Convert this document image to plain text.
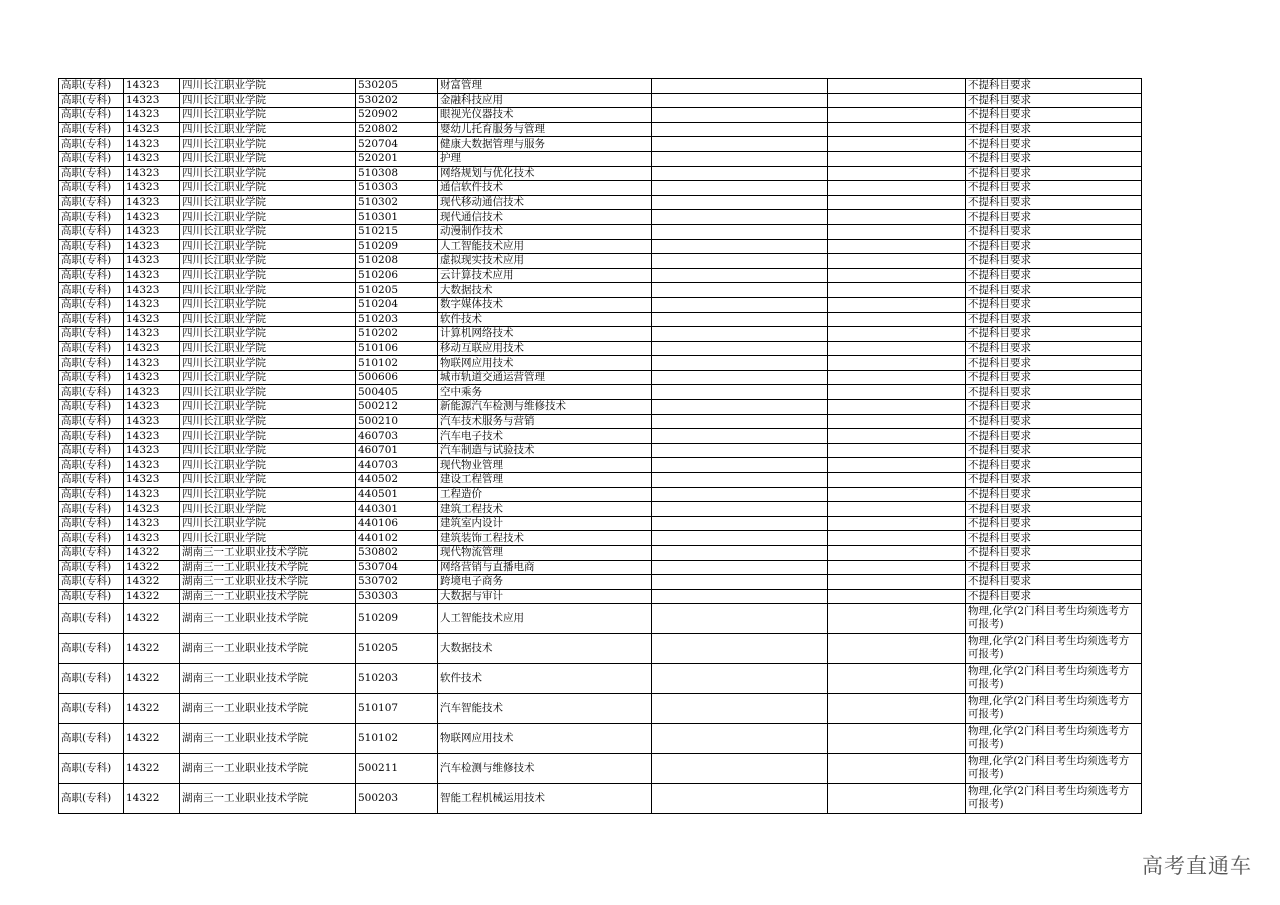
高职(专科)	14323	四川长江职业学院	530205	财富管理			不提科目要求
高职(专科)	14323	四川长江职业学院	530202	金融科技应用			不提科目要求
高职(专科)	14323	四川长江职业学院	520902	眼视光仪器技术			不提科目要求
高职(专科)	14323	四川长江职业学院	520802	婴幼儿托育服务与管理			不提科目要求
高职(专科)	14323	四川长江职业学院	520704	健康大数据管理与服务			不提科目要求
高职(专科)	14323	四川长江职业学院	520201	护理			不提科目要求
高职(专科)	14323	四川长江职业学院	510308	网络规划与优化技术			不提科目要求
高职(专科)	14323	四川长江职业学院	510303	通信软件技术			不提科目要求
高职(专科)	14323	四川长江职业学院	510302	现代移动通信技术			不提科目要求
高职(专科)	14323	四川长江职业学院	510301	现代通信技术			不提科目要求
高职(专科)	14323	四川长江职业学院	510215	动漫制作技术			不提科目要求
高职(专科)	14323	四川长江职业学院	510209	人工智能技术应用			不提科目要求
高职(专科)	14323	四川长江职业学院	510208	虚拟现实技术应用			不提科目要求
高职(专科)	14323	四川长江职业学院	510206	云计算技术应用			不提科目要求
高职(专科)	14323	四川长江职业学院	510205	大数据技术			不提科目要求
高职(专科)	14323	四川长江职业学院	510204	数字媒体技术			不提科目要求
高职(专科)	14323	四川长江职业学院	510203	软件技术			不提科目要求
高职(专科)	14323	四川长江职业学院	510202	计算机网络技术			不提科目要求
高职(专科)	14323	四川长江职业学院	510106	移动互联应用技术			不提科目要求
高职(专科)	14323	四川长江职业学院	510102	物联网应用技术			不提科目要求
高职(专科)	14323	四川长江职业学院	500606	城市轨道交通运营管理			不提科目要求
高职(专科)	14323	四川长江职业学院	500405	空中乘务			不提科目要求
高职(专科)	14323	四川长江职业学院	500212	新能源汽车检测与维修技术			不提科目要求
高职(专科)	14323	四川长江职业学院	500210	汽车技术服务与营销			不提科目要求
高职(专科)	14323	四川长江职业学院	460703	汽车电子技术			不提科目要求
高职(专科)	14323	四川长江职业学院	460701	汽车制造与试验技术			不提科目要求
高职(专科)	14323	四川长江职业学院	440703	现代物业管理			不提科目要求
高职(专科)	14323	四川长江职业学院	440502	建设工程管理			不提科目要求
高职(专科)	14323	四川长江职业学院	440501	工程造价			不提科目要求
高职(专科)	14323	四川长江职业学院	440301	建筑工程技术			不提科目要求
高职(专科)	14323	四川长江职业学院	440106	建筑室内设计			不提科目要求
高职(专科)	14323	四川长江职业学院	440102	建筑装饰工程技术			不提科目要求
高职(专科)	14322	湖南三一工业职业技术学院	530802	现代物流管理			不提科目要求
高职(专科)	14322	湖南三一工业职业技术学院	530704	网络营销与直播电商			不提科目要求
高职(专科)	14322	湖南三一工业职业技术学院	530702	跨境电子商务			不提科目要求
高职(专科)	14322	湖南三一工业职业技术学院	530303	大数据与审计			不提科目要求
高职(专科)	14322	湖南三一工业职业技术学院	510209	人工智能技术应用			物理,化学(2门科目考生均须选考方可报考)
高职(专科)	14322	湖南三一工业职业技术学院	510205	大数据技术			物理,化学(2门科目考生均须选考方可报考)
高职(专科)	14322	湖南三一工业职业技术学院	510203	软件技术			物理,化学(2门科目考生均须选考方可报考)
高职(专科)	14322	湖南三一工业职业技术学院	510107	汽车智能技术			物理,化学(2门科目考生均须选考方可报考)
高职(专科)	14322	湖南三一工业职业技术学院	510102	物联网应用技术			物理,化学(2门科目考生均须选考方可报考)
高职(专科)	14322	湖南三一工业职业技术学院	500211	汽车检测与维修技术			物理,化学(2门科目考生均须选考方可报考)
高职(专科)	14322	湖南三一工业职业技术学院	500203	智能工程机械运用技术			物理,化学(2门科目考生均须选考方可报考)
高考直通车
